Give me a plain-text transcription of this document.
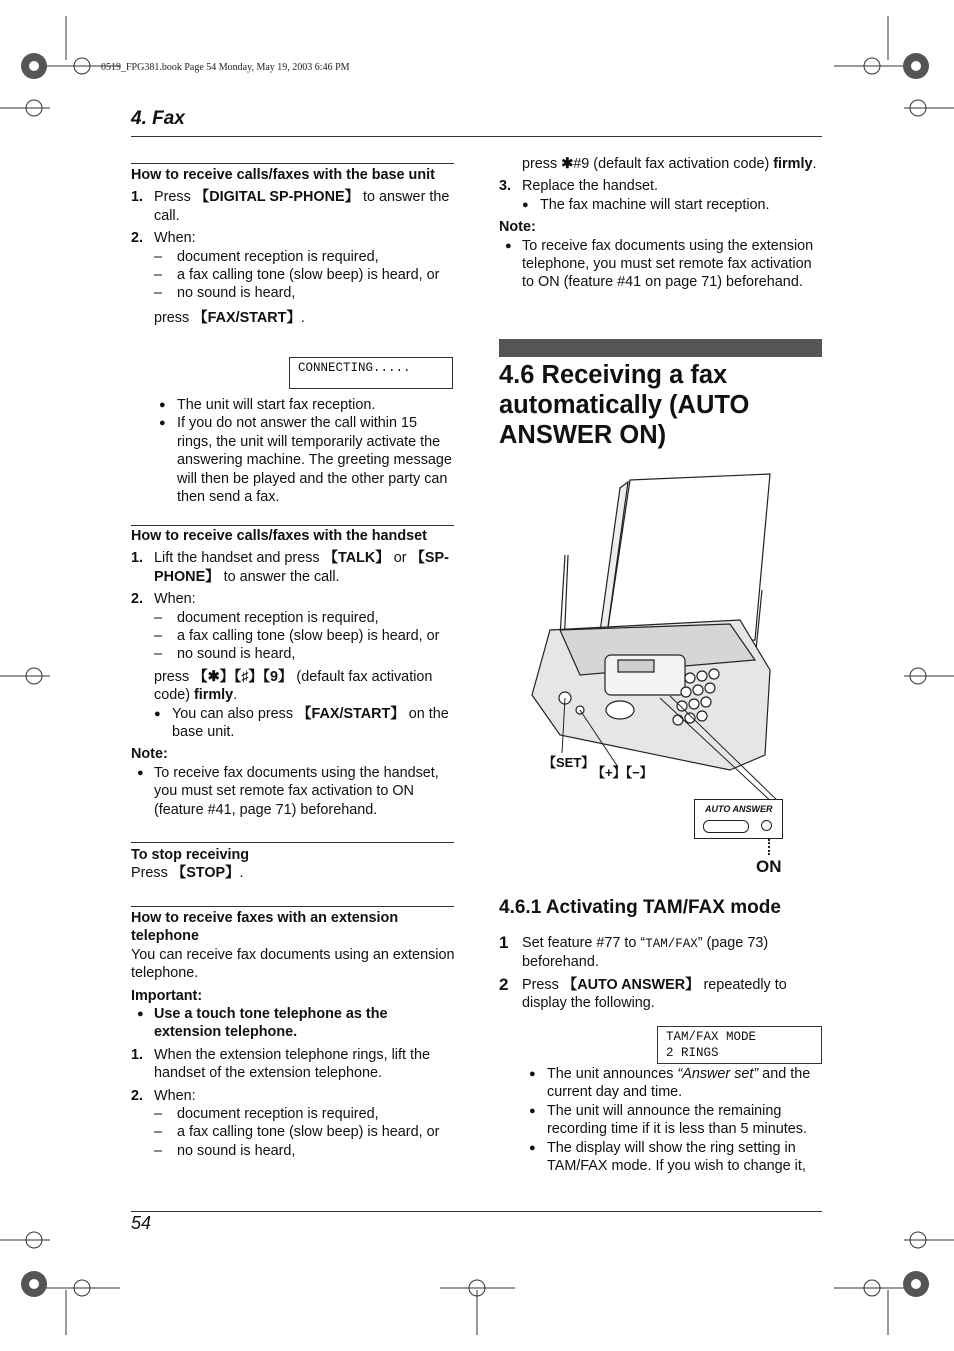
0519_FPG381.book Page 54 Monday, May 19, 2003 6:46 PM
4. Fax
How to receive calls/faxes with the base unit
1. Press 【DIGITAL SP-PHONE】 to answer the call.
2. When:
–	document reception is required,
–	a fax calling tone (slow beep) is heard, or
–	no sound is heard,
press 【FAX/START】.
CONNECTING.....
● The unit will start fax reception.
● If you do not answer the call within 15 rings, the unit will temporarily activate the answering machine. The greeting message will then be played and the other party can then send a fax.
How to receive calls/faxes with the handset
1. Lift the handset and press 【TALK】 or 【SP-PHONE】 to answer the call.
2. When:
–	document reception is required,
–	a fax calling tone (slow beep) is heard, or
–	no sound is heard,
press 【✱】【♯】【9】 (default fax activation code) firmly.
● You can also press 【FAX/START】 on the base unit.
Note:
● To receive fax documents using the handset, you must set remote fax activation to ON (feature #41, page 71) beforehand.
To stop receiving
Press 【STOP】.
How to receive faxes with an extension telephone
You can receive fax documents using an extension telephone.
Important:
● Use a touch tone telephone as the extension telephone.
1. When the extension telephone rings, lift the handset of the extension telephone.
2. When:
–	document reception is required,
–	a fax calling tone (slow beep) is heard, or
–	no sound is heard,
press ✱#9 (default fax activation code) firmly.
3. Replace the handset.
● The fax machine will start reception.
Note:
● To receive fax documents using the extension telephone, you must set remote fax activation to ON (feature #41 on page 71) beforehand.
4.6 Receiving a fax automatically (AUTO ANSWER ON)
【SET】
【+】【−】
AUTO ANSWER
ON
4.6.1 Activating TAM/FAX mode
1 Set feature #77 to “TAM/FAX” (page 73) beforehand.
2 Press 【AUTO ANSWER】 repeatedly to display the following.
TAM/FAX MODE
2 RINGS
● The unit announces “Answer set” and the current day and time.
● The unit will announce the remaining recording time if it is less than 5 minutes.
● The display will show the ring setting in TAM/FAX mode. If you wish to change it,
54
